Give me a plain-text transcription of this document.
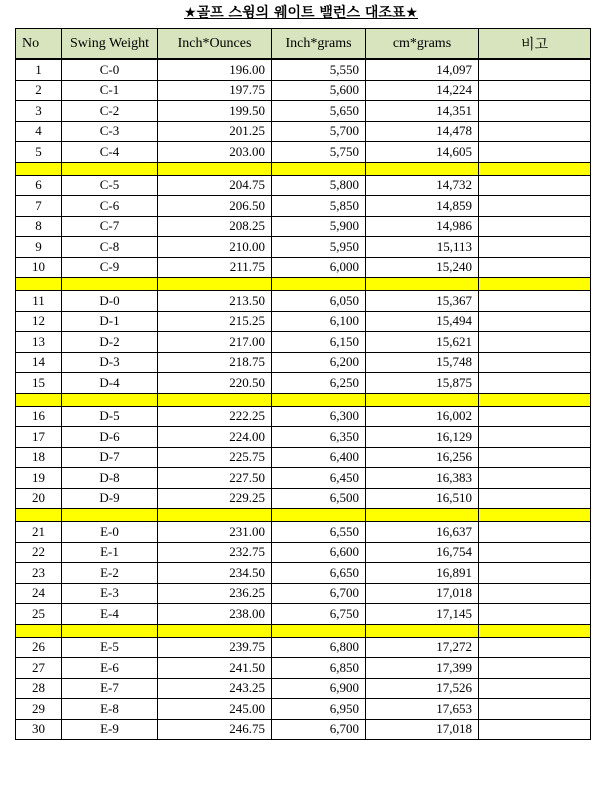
★골프 스윙의 웨이트 밸런스 대조표★
No	Swing Weight	Inch*Ounces	Inch*grams	cm*grams	비고
1	C-0	196.00	5,550	14,097	
2	C-1	197.75	5,600	14,224	
3	C-2	199.50	5,650	14,351	
4	C-3	201.25	5,700	14,478	
5	C-4	203.00	5,750	14,605	

6	C-5	204.75	5,800	14,732	
7	C-6	206.50	5,850	14,859	
8	C-7	208.25	5,900	14,986	
9	C-8	210.00	5,950	15,113	
10	C-9	211.75	6,000	15,240	

11	D-0	213.50	6,050	15,367	
12	D-1	215.25	6,100	15,494	
13	D-2	217.00	6,150	15,621	
14	D-3	218.75	6,200	15,748	
15	D-4	220.50	6,250	15,875	

16	D-5	222.25	6,300	16,002	
17	D-6	224.00	6,350	16,129	
18	D-7	225.75	6,400	16,256	
19	D-8	227.50	6,450	16,383	
20	D-9	229.25	6,500	16,510	

21	E-0	231.00	6,550	16,637	
22	E-1	232.75	6,600	16,754	
23	E-2	234.50	6,650	16,891	
24	E-3	236.25	6,700	17,018	
25	E-4	238.00	6,750	17,145	

26	E-5	239.75	6,800	17,272	
27	E-6	241.50	6,850	17,399	
28	E-7	243.25	6,900	17,526	
29	E-8	245.00	6,950	17,653	
30	E-9	246.75	6,700	17,018	
